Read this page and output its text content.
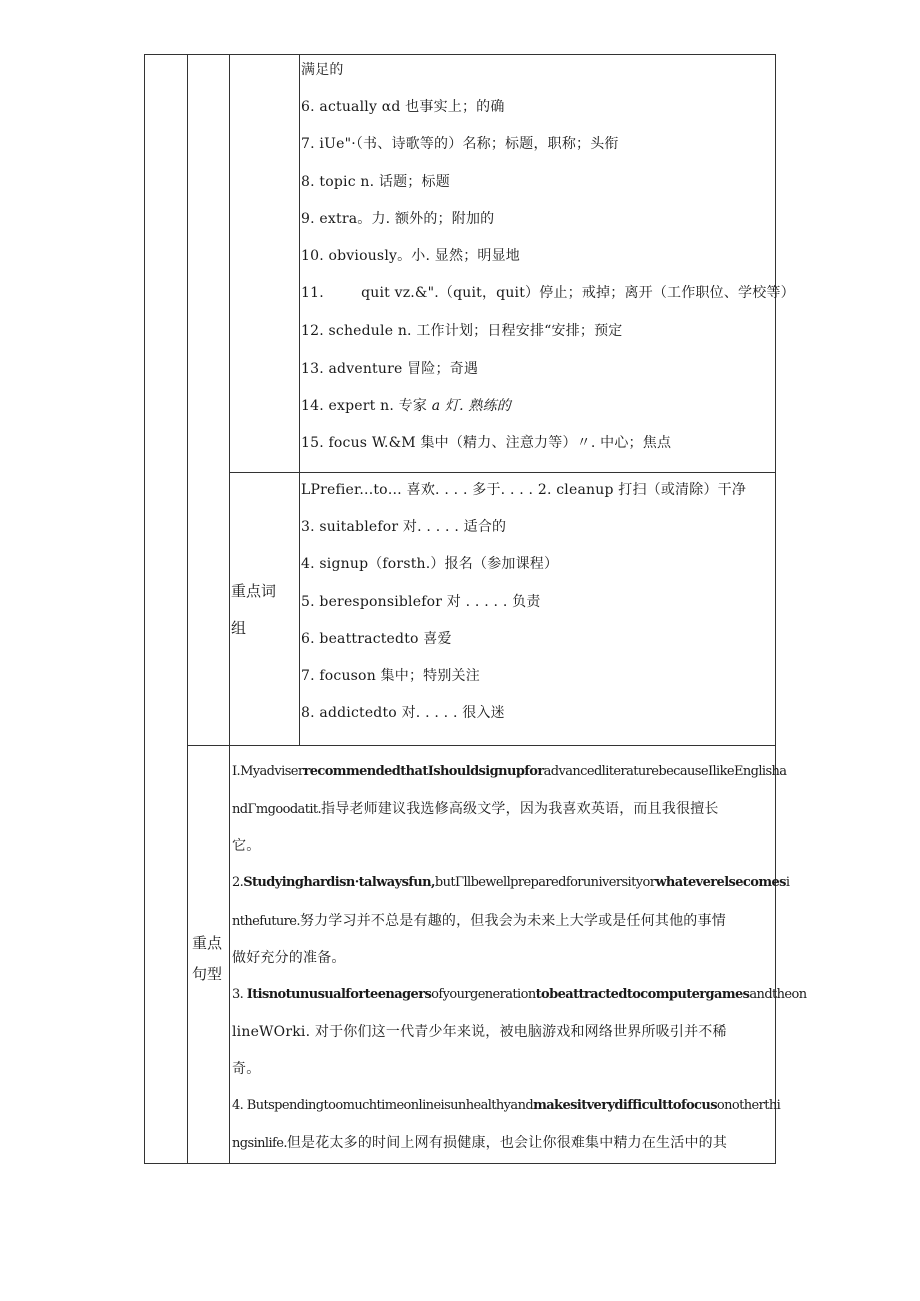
满足的
6. actually αd 也事实上；的确
7. iUe"·（书、诗歌等的）名称；标题，职称；头衔
8. topic n. 话题；标题
9. extra。力. 额外的；附加的
10. obviously。小. 显然；明显地
11.        quit vz.&".（quit，quit）停止；戒掉；离开（工作职位、学校等）
12. schedule n. 工作计划；日程安排“安排；预定
13. adventure 冒险；奇遇
14. expert n. 专家 a 灯. 熟练的
15. focus W.&M 集中（精力、注意力等）〃. 中心；焦点
重点词
组
LPrefier...to… 喜欢. . . . 多于. . . . 2. cleanup 打扫（或清除）干净
3. suitablefor 对. . . . . 适合的
4. signup（forsth.）报名（参加课程）
5. beresponsiblefor 对 . . . . . 负责
6. beattractedto 喜爱
7. focuson 集中；特别关注
8. addictedto 对. . . . . 很入迷
重点
句型
I.MyadviserrecommendedthatIshouldsignupforadvancedliteraturebecauseIlikeEnglisha
ndΓmgoodatit.指导老师建议我选修高级文学，因为我喜欢英语，而且我很擅长
它。
2.Studyinghardisn·talwaysfun,butΓllbewellpreparedforuniversityorwhateverelsecomesi
nthefuture.努力学习并不总是有趣的，但我会为未来上大学或是任何其他的事情
做好充分的准备。
3. Itisnotunusualforteenagersofyourgenerationtobeattractedtocomputergamesandtheon
lineWOrki. 对于你们这一代青少年来说，被电脑游戏和网络世界所吸引并不稀
奇。
4. Butspendingtoomuchtimeonlineisunhealthyandmakesitverydifficulttofocusonotherthi
ngsinlife.但是花太多的时间上网有损健康，也会让你很难集中精力在生活中的其
